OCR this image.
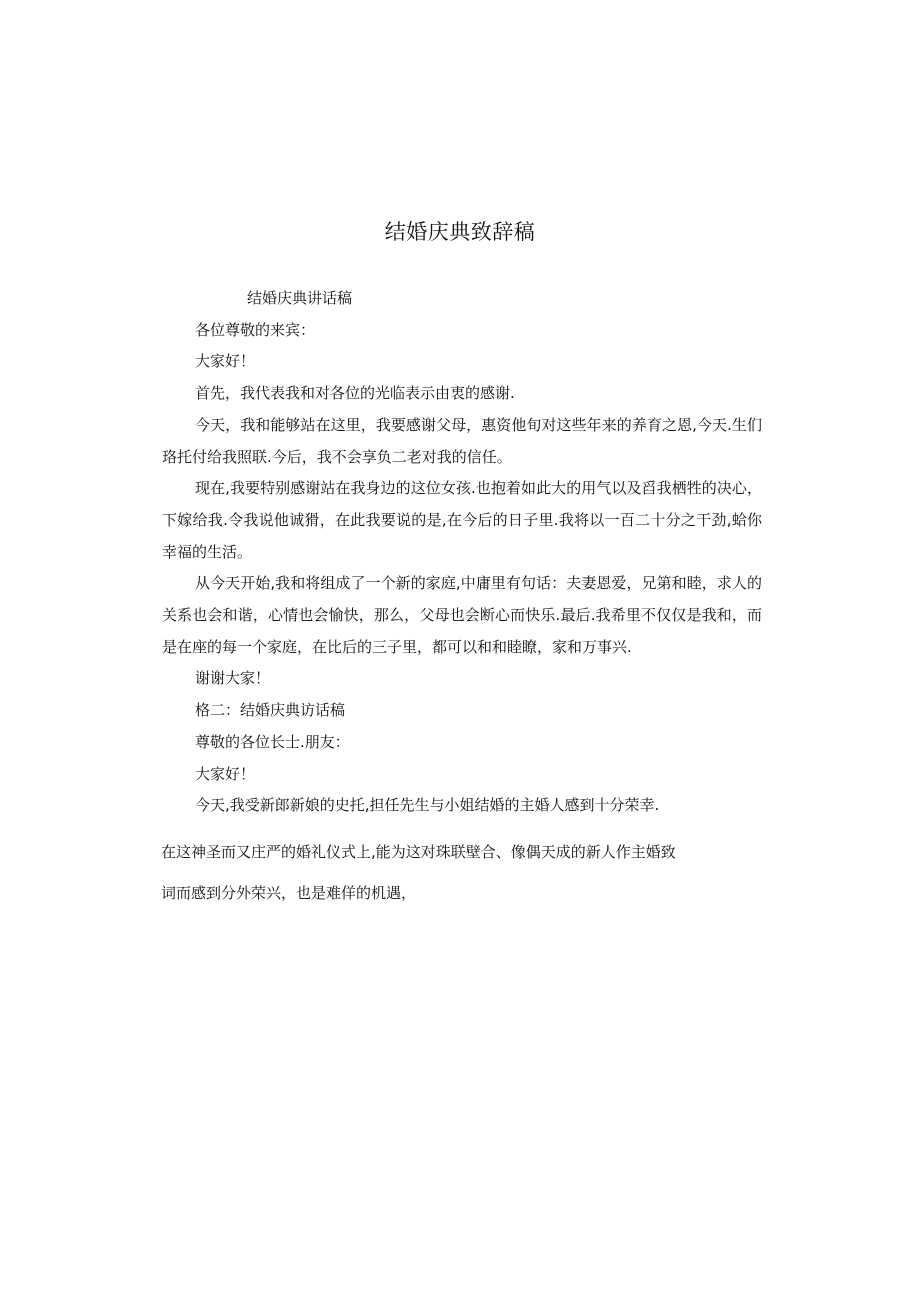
结婚庆典致辞稿

结婚庆典讲话稿

各位尊敬的来宾：

大家好！

首先，我代表我和对各位的光临表示由衷的感谢.

今天，我和能够站在这里，我要感谢父母，惠资他旬对这些年来的养育之恩,今天.生们珞托付给我照联.今后，我不会享负二老对我的信任。

现在,我要特别感谢站在我身边的这位女孩.也抱着如此大的用气以及舀我栖牲的决心，下嫁给我.令我说他诚猾，在此我要说的是,在今后的日子里.我将以一百二十分之干劲,蛤你幸福的生活。

从今天开始,我和将组成了一个新的家庭,中庸里有句话：夫妻恩爱，兄第和睦，求人的关系也会和谐，心情也会愉快，那么，父母也会断心而快乐.最后.我希里不仅仅是我和，而是在座的每一个家庭，在比后的三子里，都可以和和睦瞭，家和万事兴.

谢谢大家！

格二：结婚庆典访话稿

尊敬的各位长士.朋友：

大家好！

今天,我受新郎新娘的史托,担任先生与小姐结婚的主婚人感到十分荣幸.

在这神圣而又庄严的婚礼仪式上,能为这对珠联壁合、像偶天成的新人作主婚致

词而感到分外荣兴，也是难佯的机遇，
